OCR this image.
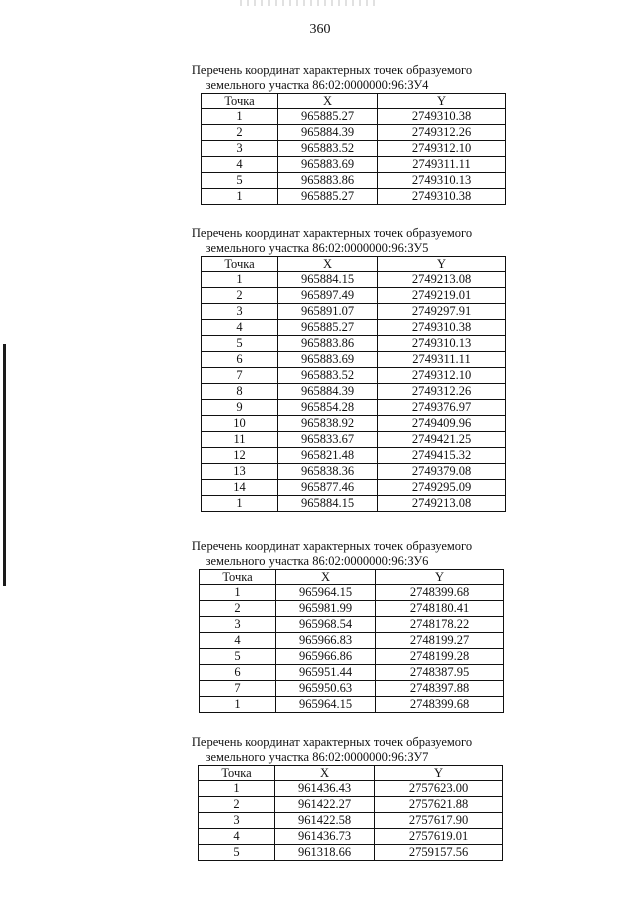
360
Перечень координат характерных точек образуемого
земельного участка 86:02:0000000:96:ЗУ4
Точка	X	Y
1	965885.27	2749310.38
2	965884.39	2749312.26
3	965883.52	2749312.10
4	965883.69	2749311.11
5	965883.86	2749310.13
1	965885.27	2749310.38
Перечень координат характерных точек образуемого
земельного участка 86:02:0000000:96:ЗУ5
Точка	X	Y
1	965884.15	2749213.08
2	965897.49	2749219.01
3	965891.07	2749297.91
4	965885.27	2749310.38
5	965883.86	2749310.13
6	965883.69	2749311.11
7	965883.52	2749312.10
8	965884.39	2749312.26
9	965854.28	2749376.97
10	965838.92	2749409.96
11	965833.67	2749421.25
12	965821.48	2749415.32
13	965838.36	2749379.08
14	965877.46	2749295.09
1	965884.15	2749213.08
Перечень координат характерных точек образуемого
земельного участка 86:02:0000000:96:ЗУ6
Точка	X	Y
1	965964.15	2748399.68
2	965981.99	2748180.41
3	965968.54	2748178.22
4	965966.83	2748199.27
5	965966.86	2748199.28
6	965951.44	2748387.95
7	965950.63	2748397.88
1	965964.15	2748399.68
Перечень координат характерных точек образуемого
земельного участка 86:02:0000000:96:ЗУ7
Точка	X	Y
1	961436.43	2757623.00
2	961422.27	2757621.88
3	961422.58	2757617.90
4	961436.73	2757619.01
5	961318.66	2759157.56
